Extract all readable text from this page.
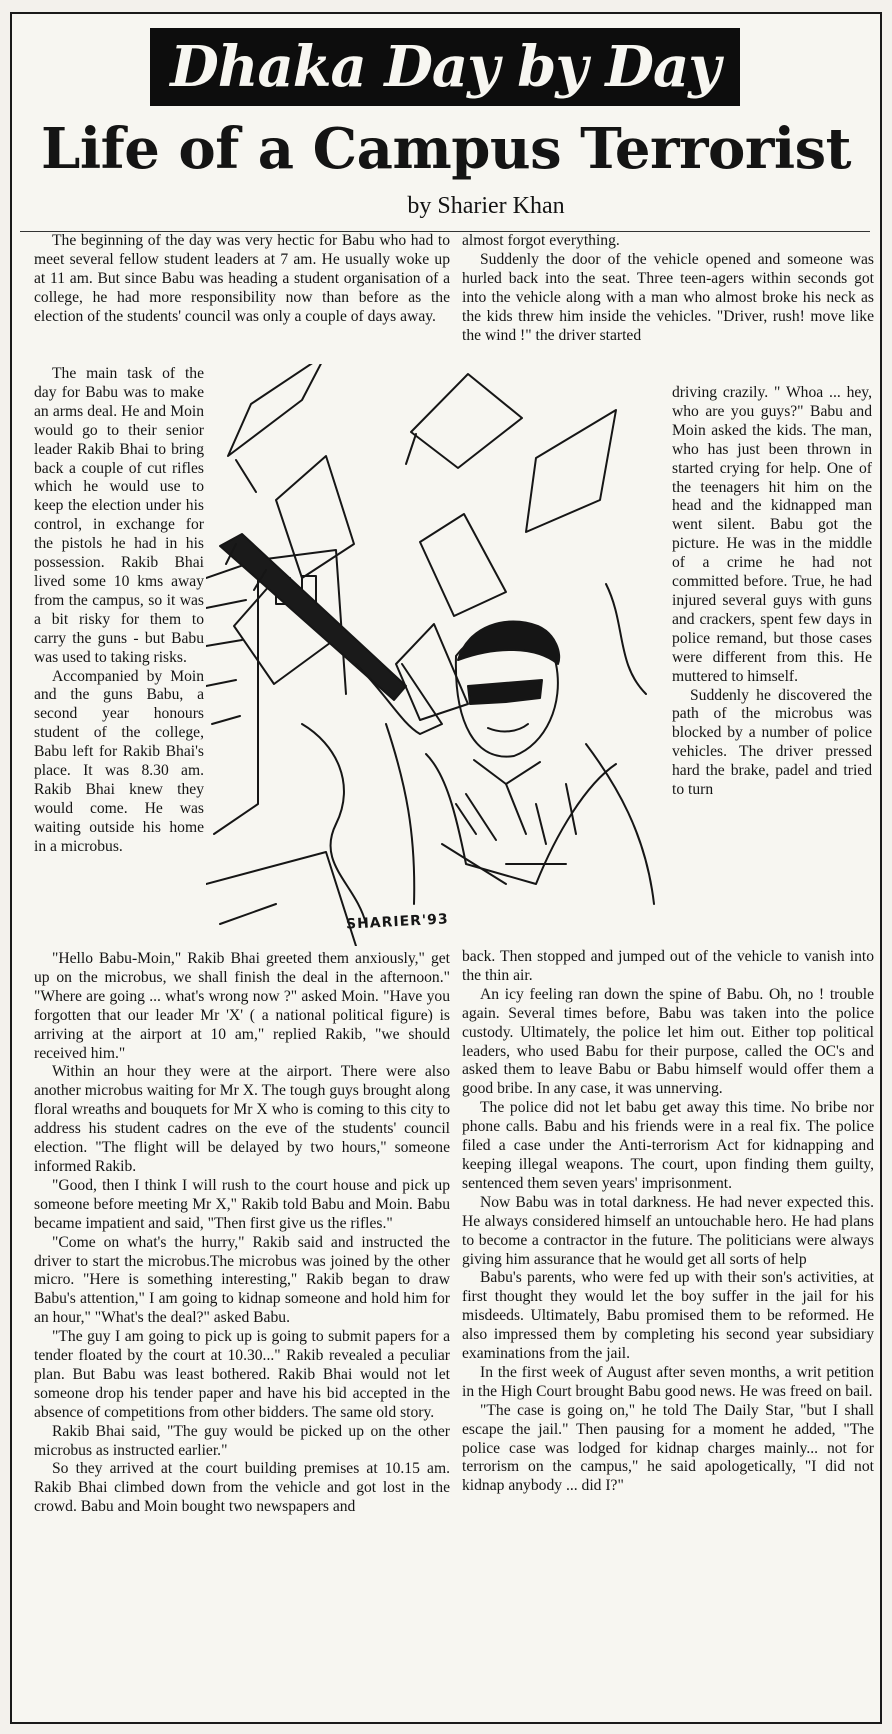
Dhaka Day by Day
Life of a Campus Terrorist
by Sharier Khan

The beginning of the day was very hectic for Babu who had to meet several fellow student leaders at 7 am. He usually woke up at 11 am. But since Babu was heading a student organisation of a college, he had more responsibility now than before as the election of the students' council was only a couple of days away.

The main task of the day for Babu was to make an arms deal. He and Moin would go to their senior leader Rakib Bhai to bring back a couple of cut rifles which he would use to keep the election under his control, in exchange for the pistols he had in his possession. Rakib Bhai lived some 10 kms away from the campus, so it was a bit risky for them to carry the guns - but Babu was used to taking risks.

Accompanied by Moin and the guns Babu, a second year honours student of the college, Babu left for Rakib Bhai's place. It was 8.30 am. Rakib Bhai knew they would come. He was waiting outside his home in a microbus.

"Hello Babu-Moin," Rakib Bhai greeted them anxiously," get up on the microbus, we shall finish the deal in the afternoon." "Where are going ... what's wrong now ?" asked Moin. "Have you forgotten that our leader Mr 'X' ( a national political figure) is arriving at the airport at 10 am," replied Rakib, "we should received him."

Within an hour they were at the airport. There were also another microbus waiting for Mr X. The tough guys brought along floral wreaths and bouquets for Mr X who is coming to this city to address his student cadres on the eve of the students' council election. "The flight will be delayed by two hours," someone informed Rakib.

"Good, then I think I will rush to the court house and pick up someone before meeting Mr X," Rakib told Babu and Moin. Babu became impatient and said, "Then first give us the rifles."

"Come on what's the hurry," Rakib said and instructed the driver to start the microbus.The microbus was joined by the other micro. "Here is something interesting," Rakib began to draw Babu's attention," I am going to kidnap someone and hold him for an hour," "What's the deal?" asked Babu.

"The guy I am going to pick up is going to submit papers for a tender floated by the court at 10.30..." Rakib revealed a peculiar plan. But Babu was least bothered. Rakib Bhai would not let someone drop his tender paper and have his bid accepted in the absence of competitions from other bidders. The same old story.

Rakib Bhai said, "The guy would be picked up on the other microbus as instructed earlier."

So they arrived at the court building premises at 10.15 am. Rakib Bhai climbed down from the vehicle and got lost in the crowd. Babu and Moin bought two newspapers and

almost forgot everything.

Suddenly the door of the vehicle opened and someone was hurled back into the seat. Three teen-agers within seconds got into the vehicle along with a man who almost broke his neck as the kids threw him inside the vehicles. "Driver, rush! move like the wind !" the driver started

driving crazily. " Whoa ... hey, who are you guys?" Babu and Moin asked the kids. The man, who has just been thrown in started crying for help. One of the teenagers hit him on the head and the kidnapped man went silent. Babu got the picture. He was in the middle of a crime he had not committed before. True, he had injured several guys with guns and crackers, spent few days in police remand, but those cases were different from this. He muttered to himself.

Suddenly he discovered the path of the microbus was blocked by a number of police vehicles. The driver pressed hard the brake, padel and tried to turn

back. Then stopped and jumped out of the vehicle to vanish into the thin air.

An icy feeling ran down the spine of Babu. Oh, no ! trouble again. Several times before, Babu was taken into the police custody. Ultimately, the police let him out. Either top political leaders, who used Babu for their purpose, called the OC's and asked them to leave Babu or Babu himself would offer them a good bribe. In any case, it was unnerving.

The police did not let babu get away this time. No bribe nor phone calls. Babu and his friends were in a real fix. The police filed a case under the Anti-terrorism Act for kidnapping and keeping illegal weapons. The court, upon finding them guilty, sentenced them seven years' imprisonment.

Now Babu was in total darkness. He had never expected this. He always considered himself an untouchable hero. He had plans to become a contractor in the future. The politicians were always giving him assurance that he would get all sorts of help

Babu's parents, who were fed up with their son's activities, at first thought they would let the boy suffer in the jail for his misdeeds. Ultimately, Babu promised them to be reformed. He also impressed them by completing his second year subsidiary examinations from the jail.

In the first week of August after seven months, a writ petition in the High Court brought Babu good news. He was freed on bail.

"The case is going on," he told The Daily Star, "but I shall escape the jail." Then pausing for a moment he added, "The police case was lodged for kidnap charges mainly... not for terrorism on the campus," he said apologetically, "I did not kidnap anybody ... did I?"

SHARIER'93
